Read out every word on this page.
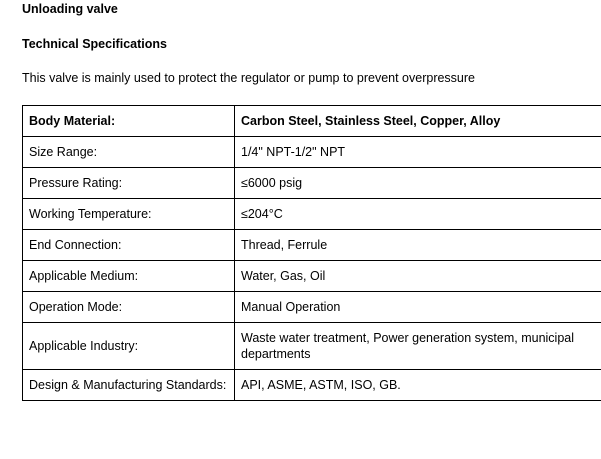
Unloading valve
Technical Specifications
This valve is mainly used to protect the regulator or pump to prevent overpressure
Body Material:	Carbon Steel, Stainless Steel, Copper, Alloy
Size Range:	1/4" NPT-1/2" NPT
Pressure Rating:	≤6000 psig
Working Temperature:	≤204°C
End Connection:	Thread, Ferrule
Applicable Medium:	Water, Gas, Oil
Operation Mode:	Manual Operation
Applicable Industry:	Waste water treatment, Power generation system, municipal departments
Design & Manufacturing Standards:	API, ASME, ASTM, ISO, GB.
